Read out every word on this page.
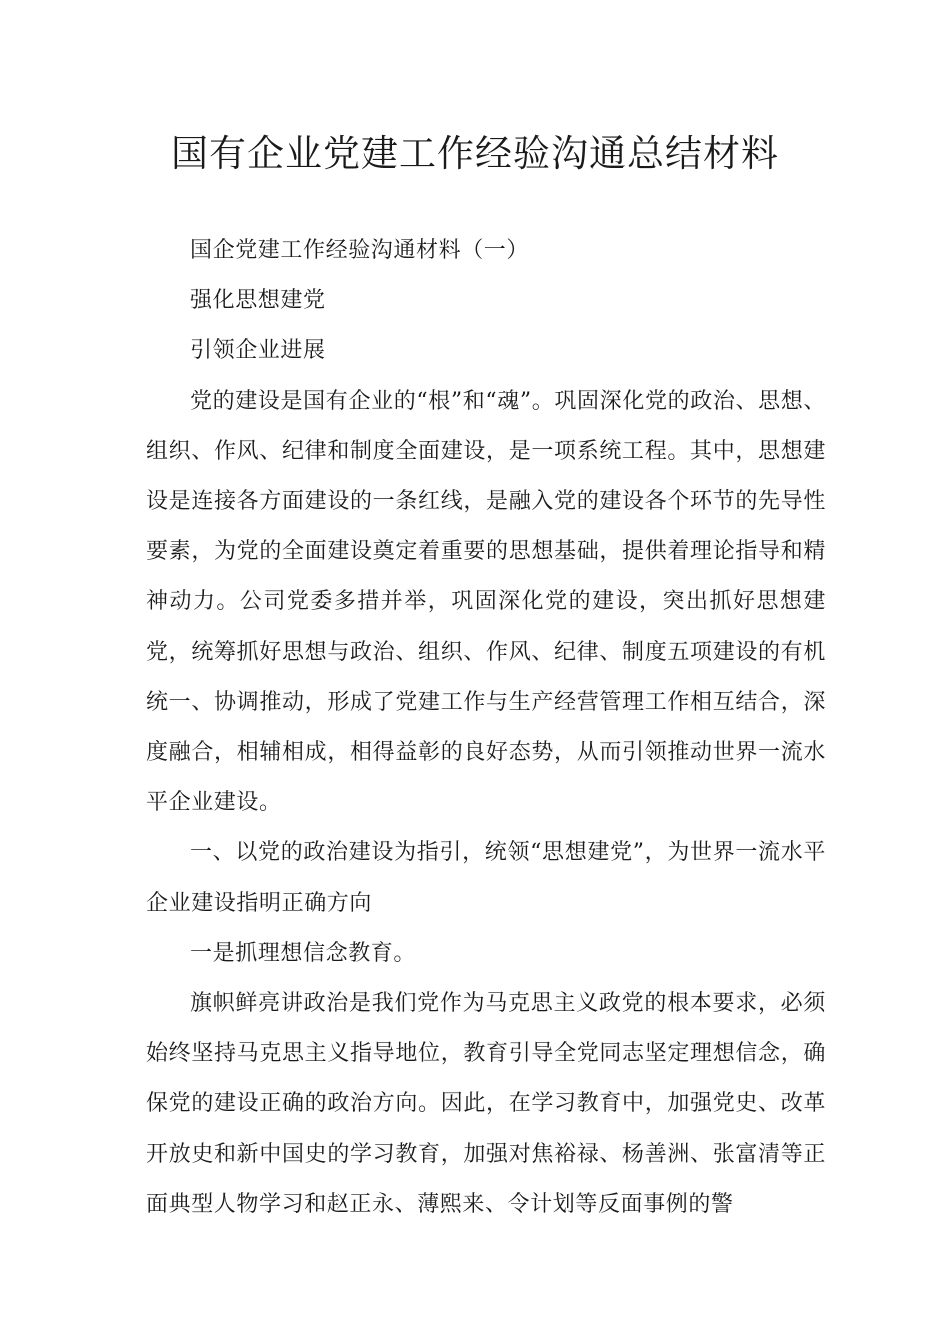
国有企业党建工作经验沟通总结材料

国企党建工作经验沟通材料（一）

强化思想建党

引领企业进展

党的建设是国有企业的“根”和“魂”。巩固深化党的政治、思想、组织、作风、纪律和制度全面建设，是一项系统工程。其中，思想建设是连接各方面建设的一条红线，是融入党的建设各个环节的先导性要素，为党的全面建设奠定着重要的思想基础，提供着理论指导和精神动力。公司党委多措并举，巩固深化党的建设，突出抓好思想建党，统筹抓好思想与政治、组织、作风、纪律、制度五项建设的有机统一、协调推动，形成了党建工作与生产经营管理工作相互结合，深度融合，相辅相成，相得益彰的良好态势，从而引领推动世界一流水平企业建设。

一、以党的政治建设为指引，统领“思想建党”，为世界一流水平企业建设指明正确方向

一是抓理想信念教育。

旗帜鲜亮讲政治是我们党作为马克思主义政党的根本要求，必须始终坚持马克思主义指导地位，教育引导全党同志坚定理想信念，确保党的建设正确的政治方向。因此，在学习教育中，加强党史、改革开放史和新中国史的学习教育，加强对焦裕禄、杨善洲、张富清等正面典型人物学习和赵正永、薄熙来、令计划等反面事例的警
